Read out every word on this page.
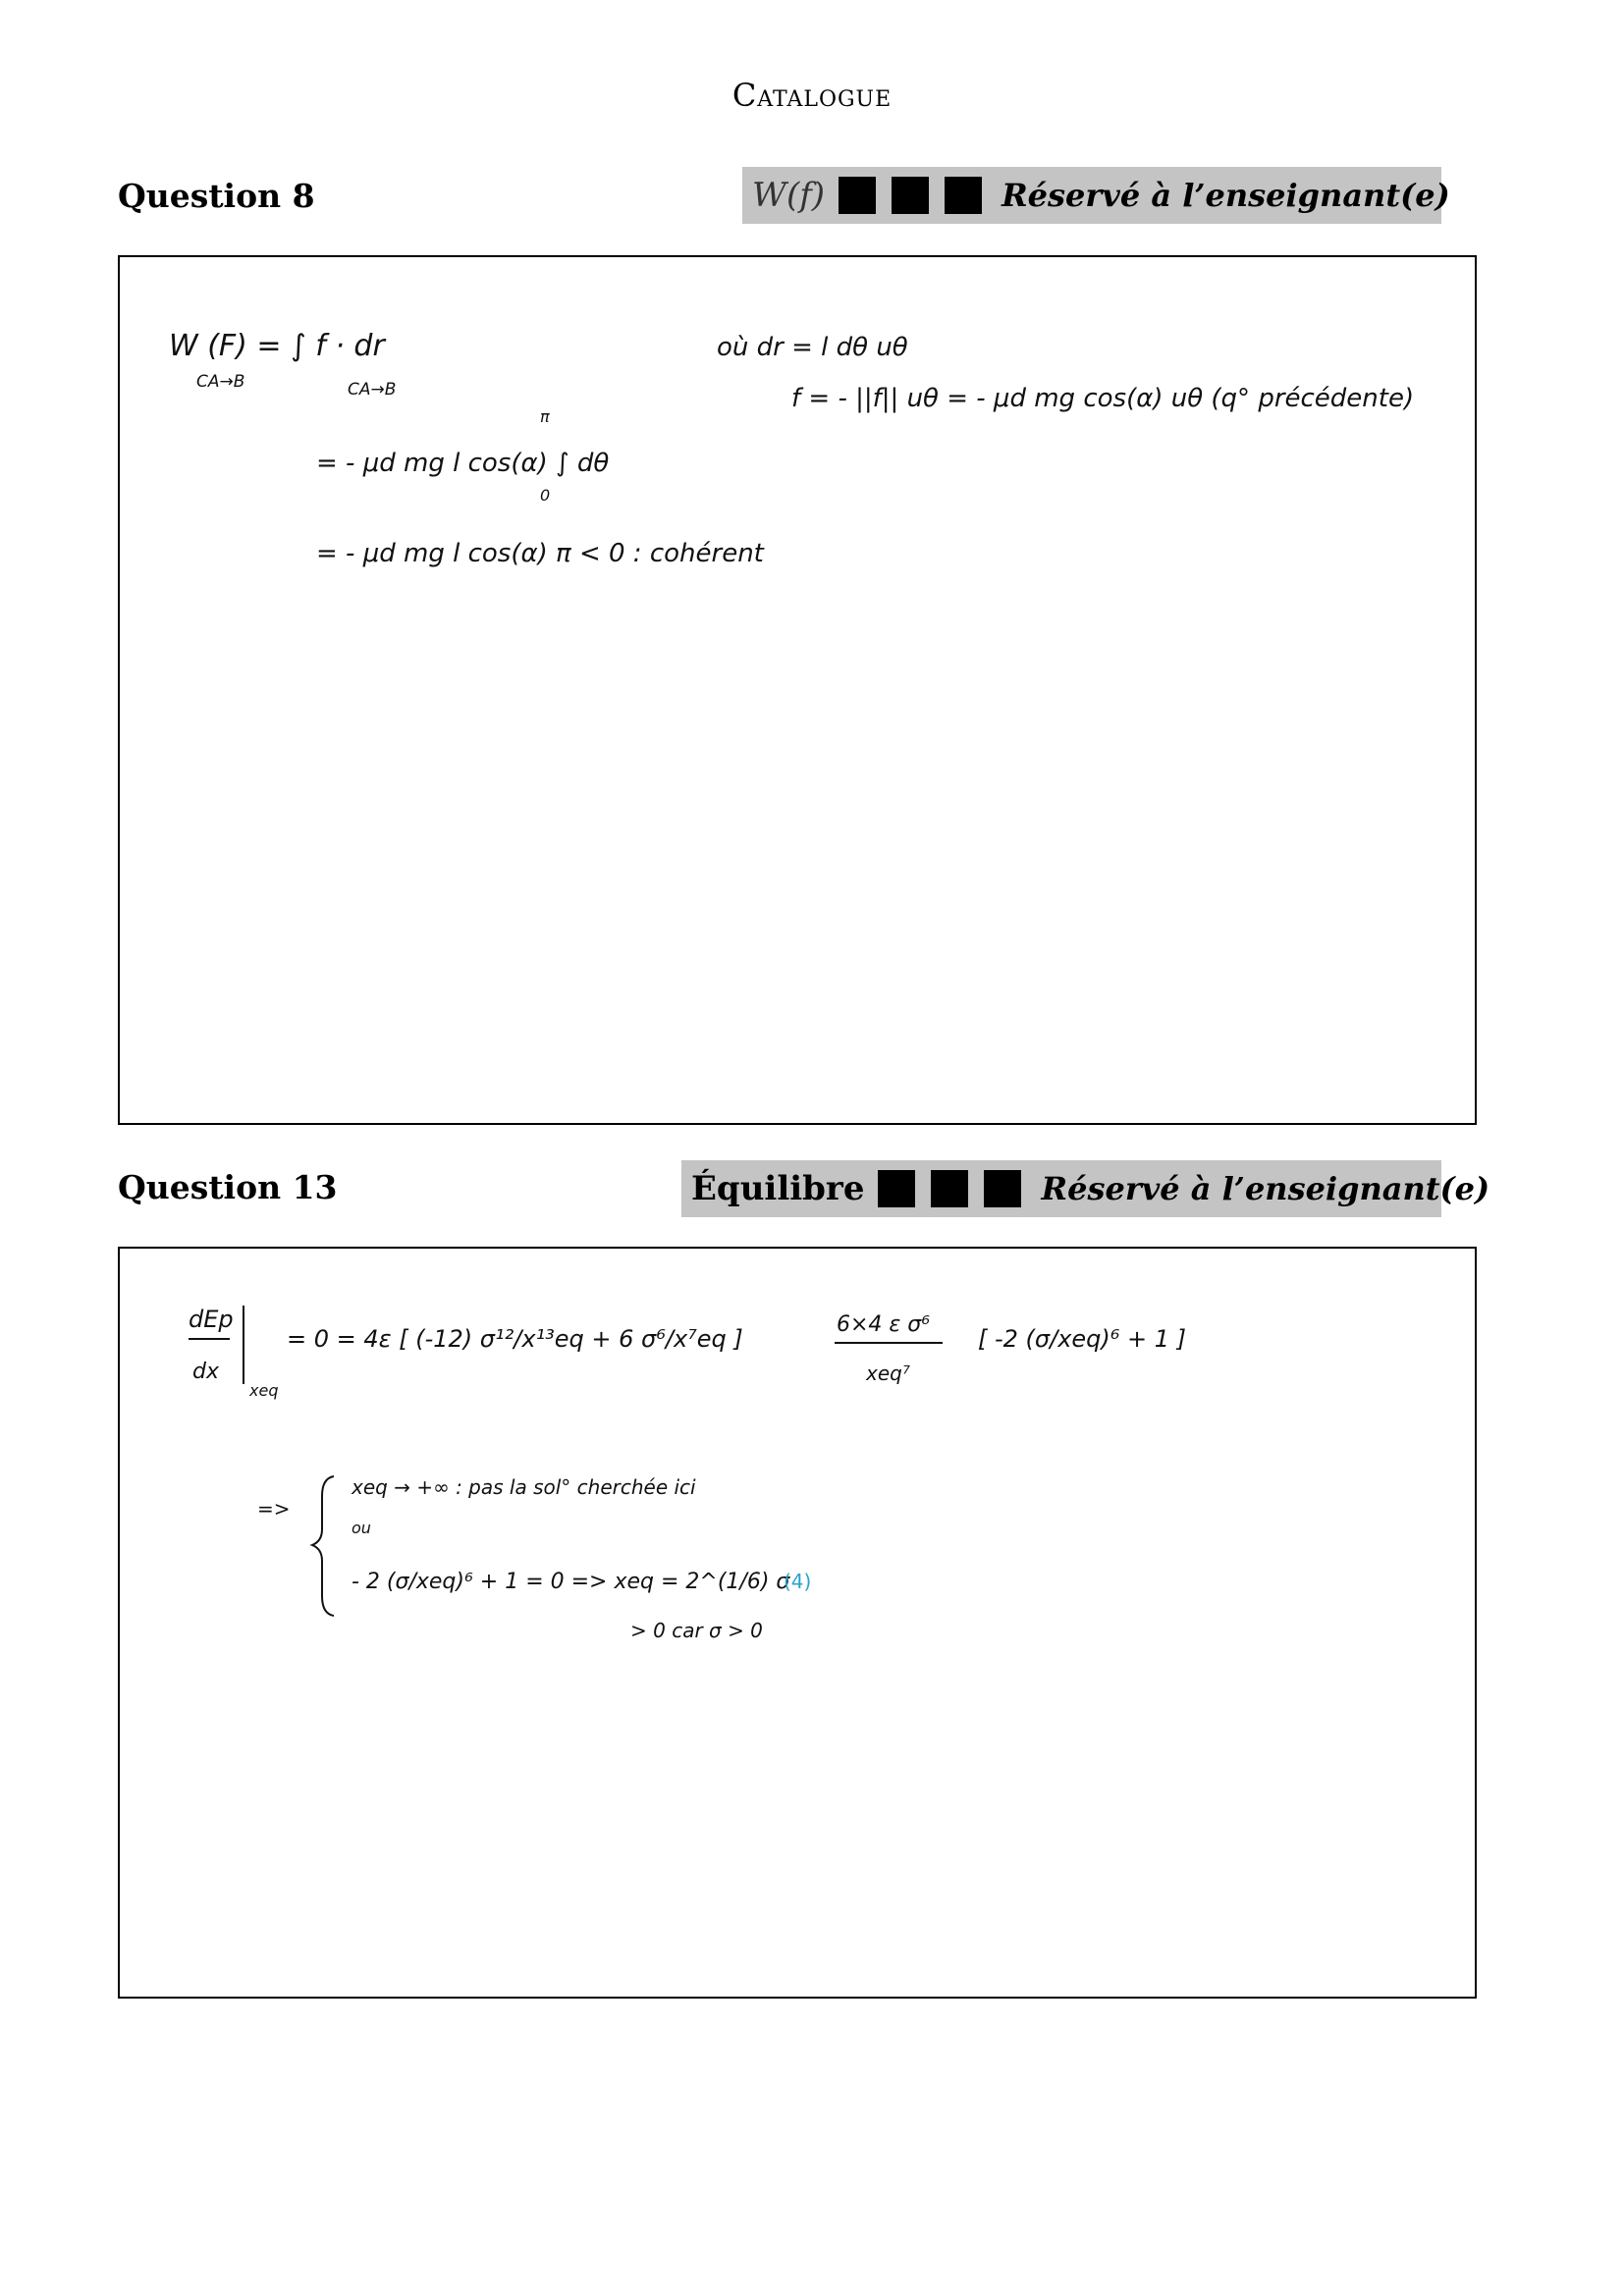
Catalogue
Question 8	W(f)	Réservé à l’enseignant(e)
W (F) = ∫ f · dr
CA→B	CA→B
où dr = l dθ uθ
f = - ||f|| uθ = - μd mg cos(α) uθ (q° précédente)
= - μd mg l cos(α) ∫ dθ
π
0
= - μd mg l cos(α) π < 0 : cohérent
Question 13	Équilibre	Réservé à l’enseignant(e)
dEp
dx
xeq
= 0 = 4ε [ (-12) σ¹²/x¹³eq + 6 σ⁶/x⁷eq ]
6×4 ε σ⁶
xeq⁷
[ -2 (σ/xeq)⁶ + 1 ]
=>
xeq → +∞ : pas la sol° cherchée ici
ou
- 2 (σ/xeq)⁶ + 1 = 0 => xeq = 2^(1/6) σ
(4)
> 0 car σ > 0
